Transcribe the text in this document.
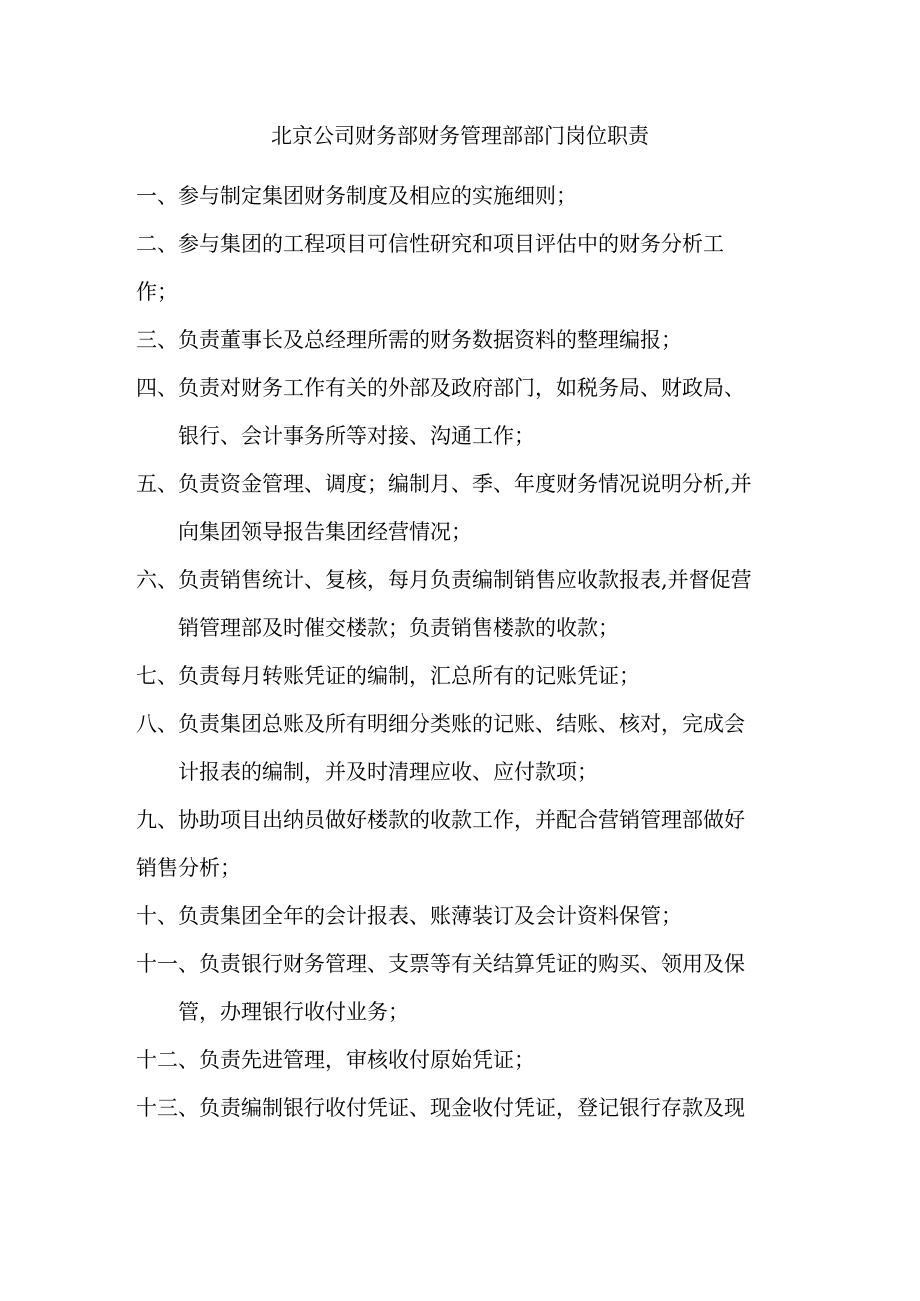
北京公司财务部财务管理部部门岗位职责
一、参与制定集团财务制度及相应的实施细则；
二、参与集团的工程项目可信性研究和项目评估中的财务分析工
作；
三、负责董事长及总经理所需的财务数据资料的整理编报；
四、负责对财务工作有关的外部及政府部门，如税务局、财政局、
银行、会计事务所等对接、沟通工作；
五、负责资金管理、调度；编制月、季、年度财务情况说明分析,并
向集团领导报告集团经营情况；
六、负责销售统计、复核，每月负责编制销售应收款报表,并督促营
销管理部及时催交楼款；负责销售楼款的收款；
七、负责每月转账凭证的编制，汇总所有的记账凭证；
八、负责集团总账及所有明细分类账的记账、结账、核对，完成会
计报表的编制，并及时清理应收、应付款项；
九、协助项目出纳员做好楼款的收款工作，并配合营销管理部做好
销售分析；
十、负责集团全年的会计报表、账薄装订及会计资料保管；
十一、负责银行财务管理、支票等有关结算凭证的购买、领用及保
管，办理银行收付业务；
十二、负责先进管理，审核收付原始凭证；
十三、负责编制银行收付凭证、现金收付凭证，登记银行存款及现
